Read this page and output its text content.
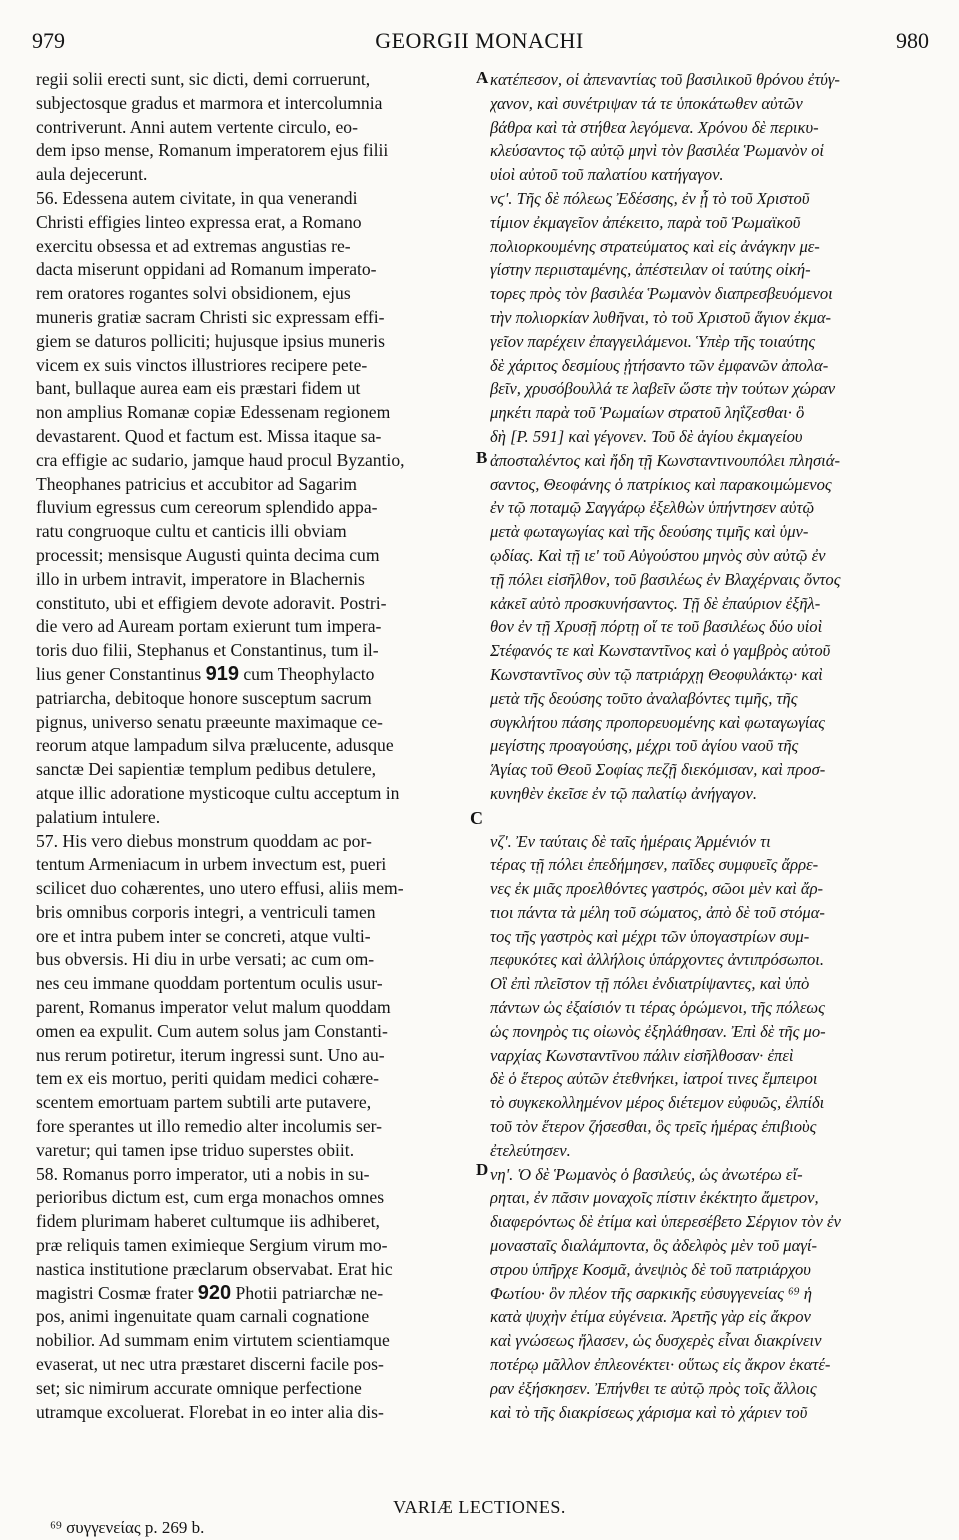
979	GEORGII MONACHI	980
regii solii erecti sunt, sic dicti, demi corruerunt,
subjectosque gradus et marmora et intercolumnia
contriverunt. Anni autem vertente circulo, eo-
dem ipso mense, Romanum imperatorem ejus filii
aula dejecerunt.
56. Edessena autem civitate, in qua venerandi
Christi effigies linteo expressa erat, a Romano
exercitu obsessa et ad extremas angustias re-
dacta miserunt oppidani ad Romanum imperato-
rem oratores rogantes solvi obsidionem, ejus
muneris gratiæ sacram Christi sic expressam effi-
giem se daturos polliciti; hujusque ipsius muneris
vicem ex suis vinctos illustriores recipere pete-
bant, bullaque aurea eam eis præstari fidem ut
non amplius Romanæ copiæ Edessenam regionem
devastarent. Quod et factum est. Missa itaque sa-
cra effigie ac sudario, jamque haud procul Byzantio,
Theophanes patricius et accubitor ad Sagarim
fluvium egressus cum cereorum splendido appa-
ratu congruoque cultu et canticis illi obviam
processit; mensisque Augusti quinta decima cum
illo in urbem intravit, imperatore in Blachernis
constituto, ubi et effigiem devote adoravit. Postri-
die vero ad Auream portam exierunt tum impera-
toris duo filii, Stephanus et Constantinus, tum il-
lius gener Constantinus 919 cum Theophylacto
patriarcha, debitoque honore susceptum sacrum
pignus, universo senatu præeunte maximaque ce-
reorum atque lampadum silva prælucente, adusque
sanctæ Dei sapientiæ templum pedibus detulere,
atque illic adoratione mysticoque cultu acceptum in
palatium intulere.
57. His vero diebus monstrum quoddam ac por-
tentum Armeniacum in urbem invectum est, pueri
scilicet duo cohærentes, uno utero effusi, aliis mem-
bris omnibus corporis integri, a ventriculi tamen
ore et intra pubem inter se concreti, atque vulti-
bus obversis. Hi diu in urbe versati; ac cum om-
nes ceu immane quoddam portentum oculis usur-
parent, Romanus imperator velut malum quoddam
omen ea expulit. Cum autem solus jam Constanti-
nus rerum potiretur, iterum ingressi sunt. Uno au-
tem ex eis mortuo, periti quidam medici cohære-
scentem emortuam partem subtili arte putavere,
fore sperantes ut illo remedio alter incolumis ser-
varetur; qui tamen ipse triduo superstes obiit.
58. Romanus porro imperator, uti a nobis in su-
perioribus dictum est, cum erga monachos omnes
fidem plurimam haberet cultumque iis adhiberet,
præ reliquis tamen eximieque Sergium virum mo-
nastica institutione præclarum observabat. Erat hic
magistri Cosmæ frater 920 Photii patriarchæ ne-
pos, animi ingenuitate quam carnali cognatione
nobilior. Ad summam enim virtutem scientiamque
evaserat, ut nec utra præstaret discerni facile pos-
set; sic nimirum accurate omnique perfectione
utramque excoluerat. Florebat in eo inter alia dis-
κατέπεσον, οἱ ἀπεναντίας τοῦ βασιλικοῦ θρόνου ἐτύγ-
χανον, καὶ συνέτριψαν τά τε ὑποκάτωθεν αὐτῶν
βάθρα καὶ τὰ στήθεα λεγόμενα. Χρόνου δὲ περικυ-
κλεύσαντος τῷ αὐτῷ μηνὶ τὸν βασιλέα Ῥωμανὸν οἱ
υἱοὶ αὐτοῦ τοῦ παλατίου κατήγαγον.
νϛʹ. Τῆς δὲ πόλεως Ἐδέσσης, ἐν ᾗ τὸ τοῦ Χριστοῦ
τίμιον ἐκμαγεῖον ἀπέκειτο, παρὰ τοῦ Ῥωμαϊκοῦ
πολιορκουμένης στρατεύματος καὶ εἰς ἀνάγκην με-
γίστην περιισταμένης, ἀπέστειλαν οἱ ταύτης οἰκή-
τορες πρὸς τὸν βασιλέα Ῥωμανὸν διαπρεσβευόμενοι
τὴν πολιορκίαν λυθῆναι, τὸ τοῦ Χριστοῦ ἅγιον ἐκμα-
γεῖον παρέχειν ἐπαγγειλάμενοι. Ὑπὲρ τῆς τοιαύτης
δὲ χάριτος δεσμίους ᾐτήσαντο τῶν ἐμφανῶν ἀπολα-
βεῖν, χρυσόβουλλά τε λαβεῖν ὥστε τὴν τούτων χώραν
μηκέτι παρὰ τοῦ Ῥωμαίων στρατοῦ ληΐζεσθαι· ὃ
δὴ [P. 591] καὶ γέγονεν. Τοῦ δὲ ἁγίου ἐκμαγείου
ἀποσταλέντος καὶ ἤδη τῇ Κωνσταντινουπόλει πλησιά-
σαντος, Θεοφάνης ὁ πατρίκιος καὶ παρακοιμώμενος
ἐν τῷ ποταμῷ Σαγγάρῳ ἐξελθὼν ὑπήντησεν αὐτῷ
μετὰ φωταγωγίας καὶ τῆς δεούσης τιμῆς καὶ ὑμν-
ῳδίας. Καὶ τῇ ιεʹ τοῦ Αὐγούστου μηνὸς σὺν αὐτῷ ἐν
τῇ πόλει εἰσῆλθον, τοῦ βασιλέως ἐν Βλαχέρναις ὄντος
κἀκεῖ αὐτὸ προσκυνήσαντος. Τῇ δὲ ἐπαύριον ἐξῆλ-
θον ἐν τῇ Χρυσῇ πόρτῃ οἵ τε τοῦ βασιλέως δύο υἱοὶ
Στέφανός τε καὶ Κωνσταντῖνος καὶ ὁ γαμβρὸς αὐτοῦ
Κωνσταντῖνος σὺν τῷ πατριάρχῃ Θεοφυλάκτῳ· καὶ
μετὰ τῆς δεούσης τοῦτο ἀναλαβόντες τιμῆς, τῆς
συγκλήτου πάσης προπορευομένης καὶ φωταγωγίας
μεγίστης προαγούσης, μέχρι τοῦ ἁγίου ναοῦ τῆς
Ἁγίας τοῦ Θεοῦ Σοφίας πεζῇ διεκόμισαν, καὶ προσ-
κυνηθὲν ἐκεῖσε ἐν τῷ παλατίῳ ἀνήγαγον.
νζʹ. Ἐν ταύταις δὲ ταῖς ἡμέραις Ἀρμένιόν τι
τέρας τῇ πόλει ἐπεδήμησεν, παῖδες συμφυεῖς ἄρρε-
νες ἐκ μιᾶς προελθόντες γαστρός, σῶοι μὲν καὶ ἄρ-
τιοι πάντα τὰ μέλη τοῦ σώματος, ἀπὸ δὲ τοῦ στόμα-
τος τῆς γαστρὸς καὶ μέχρι τῶν ὑπογαστρίων συμ-
πεφυκότες καὶ ἀλλήλοις ὑπάρχοντες ἀντιπρόσωποι.
Οἳ ἐπὶ πλεῖστον τῇ πόλει ἐνδιατρίψαντες, καὶ ὑπὸ
πάντων ὡς ἐξαίσιόν τι τέρας ὁρώμενοι, τῆς πόλεως
ὡς πονηρὸς τις οἰωνὸς ἐξηλάθησαν. Ἐπὶ δὲ τῆς μο-
ναρχίας Κωνσταντῖνου πάλιν εἰσῆλθοσαν· ἐπεὶ
δὲ ὁ ἕτερος αὐτῶν ἐτεθνήκει, ἰατροί τινες ἔμπειροι
τὸ συγκεκολλημένον μέρος διέτεμον εὐφυῶς, ἐλπίδι
τοῦ τὸν ἕτερον ζήσεσθαι, ὃς τρεῖς ἡμέρας ἐπιβιοὺς
ἐτελεύτησεν.
νηʹ. Ὁ δὲ Ῥωμανὸς ὁ βασιλεύς, ὡς ἀνωτέρω εἴ-
ρηται, ἐν πᾶσιν μοναχοῖς πίστιν ἐκέκτητο ἄμετρον,
διαφερόντως δὲ ἐτίμα καὶ ὑπερεσέβετο Σέργιον τὸν ἐν
μονασταῖς διαλάμποντα, ὃς ἀδελφὸς μὲν τοῦ μαγί-
στρου ὑπῆρχε Κοσμᾶ, ἀνεψιὸς δὲ τοῦ πατριάρχου
Φωτίου· ὃν πλέον τῆς σαρκικῆς εὐσυγγενείας ⁶⁹ ἡ
κατὰ ψυχὴν ἐτίμα εὐγένεια. Ἀρετῆς γὰρ εἰς ἄκρον
καὶ γνώσεως ἤλασεν, ὡς δυσχερὲς εἶναι διακρίνειν
ποτέρῳ μᾶλλον ἐπλεονέκτει· οὕτως εἰς ἄκρον ἑκατέ-
ραν ἐξήσκησεν. Ἐπήνθει τε αὐτῷ πρὸς τοῖς ἄλλοις
καὶ τὸ τῆς διακρίσεως χάρισμα καὶ τὸ χάριεν τοῦ
A
B
C
D
VARIÆ LECTIONES.
⁶⁹ συγγενείας p. 269 b.
